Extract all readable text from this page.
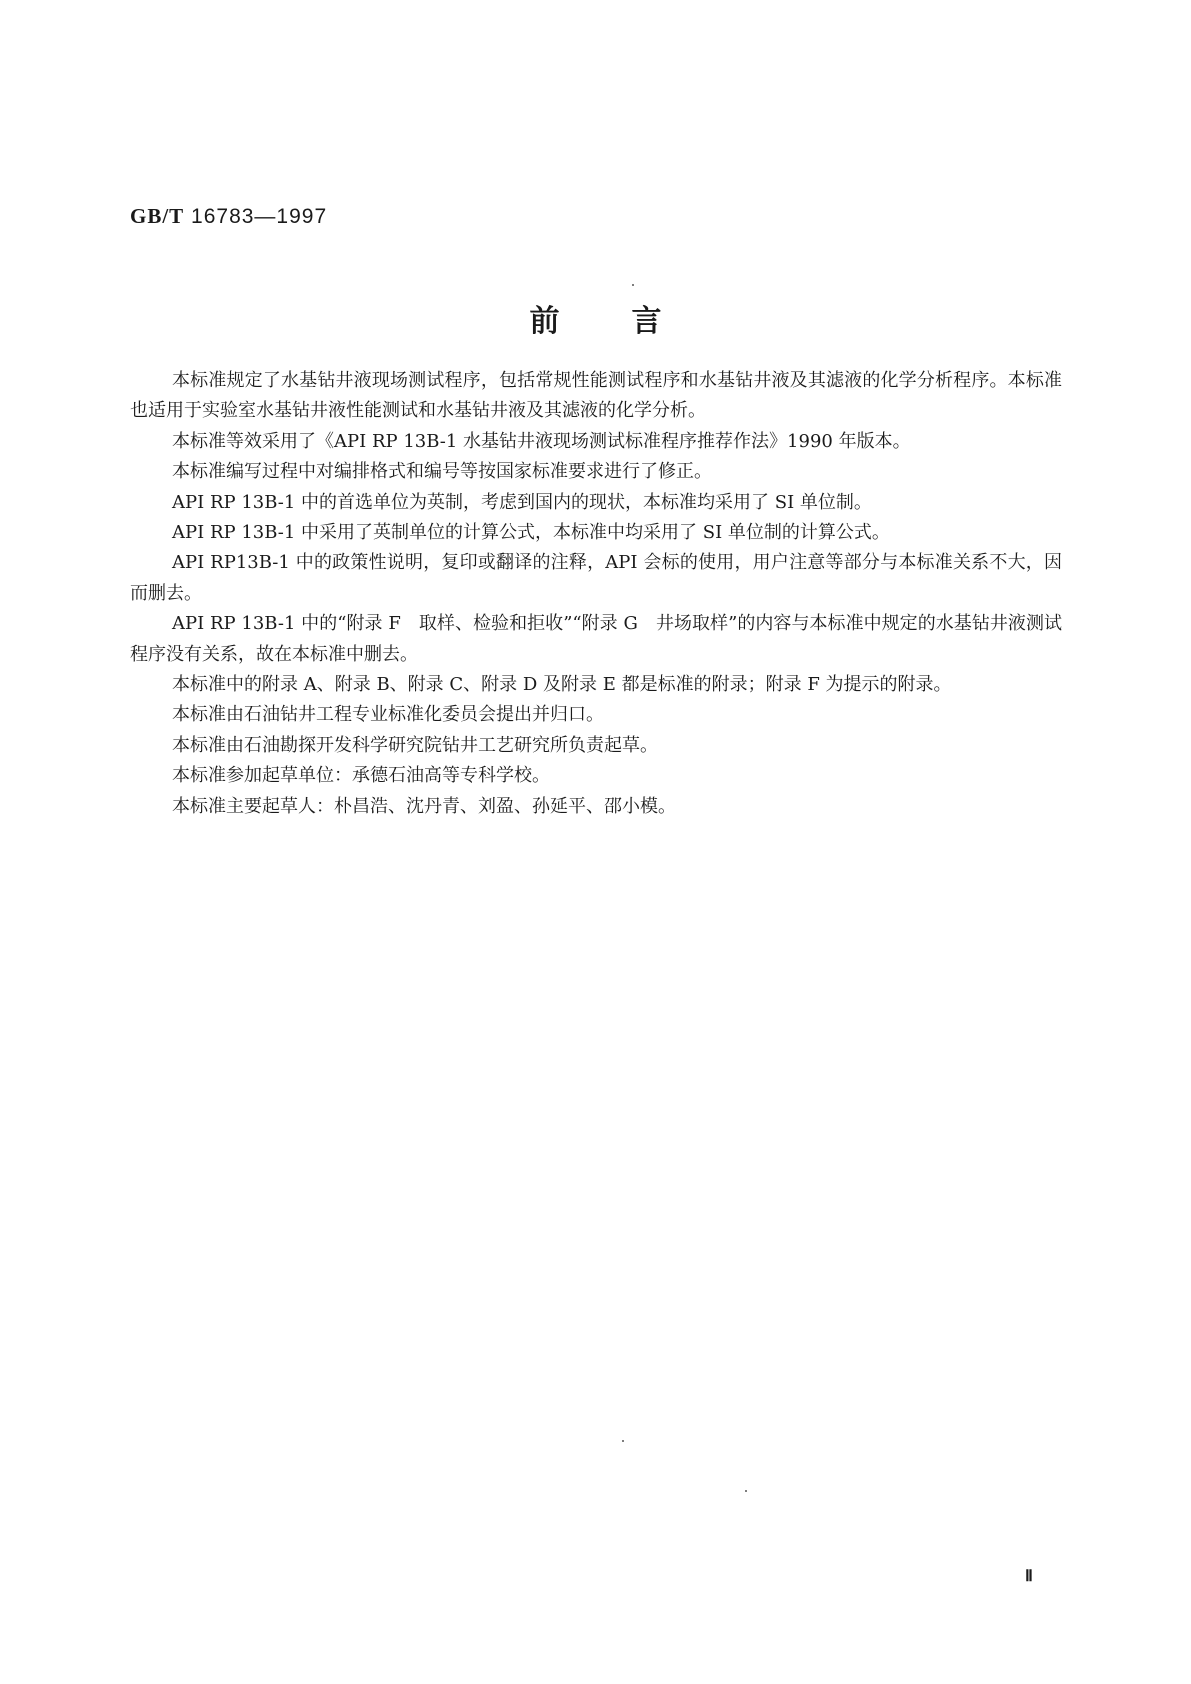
GB/T 16783—1997
前言

本标准规定了水基钻井液现场测试程序，包括常规性能测试程序和水基钻井液及其滤液的化学分析程序。本标准也适用于实验室水基钻井液性能测试和水基钻井液及其滤液的化学分析。

本标准等效采用了《API RP 13B-1 水基钻井液现场测试标准程序推荐作法》1990 年版本。

本标准编写过程中对编排格式和编号等按国家标准要求进行了修正。

API RP 13B-1 中的首选单位为英制，考虑到国内的现状，本标准均采用了 SI 单位制。

API RP 13B-1 中采用了英制单位的计算公式，本标准中均采用了 SI 单位制的计算公式。

API RP13B-1 中的政策性说明，复印或翻译的注释，API 会标的使用，用户注意等部分与本标准关系不大，因而删去。

API RP 13B-1 中的“附录 F　取样、检验和拒收”“附录 G　井场取样”的内容与本标准中规定的水基钻井液测试程序没有关系，故在本标准中删去。

本标准中的附录 A、附录 B、附录 C、附录 D 及附录 E 都是标准的附录；附录 F 为提示的附录。

本标准由石油钻井工程专业标准化委员会提出并归口。

本标准由石油勘探开发科学研究院钻井工艺研究所负责起草。

本标准参加起草单位：承德石油高等专科学校。

本标准主要起草人：朴昌浩、沈丹青、刘盈、孙延平、邵小模。

Ⅱ
